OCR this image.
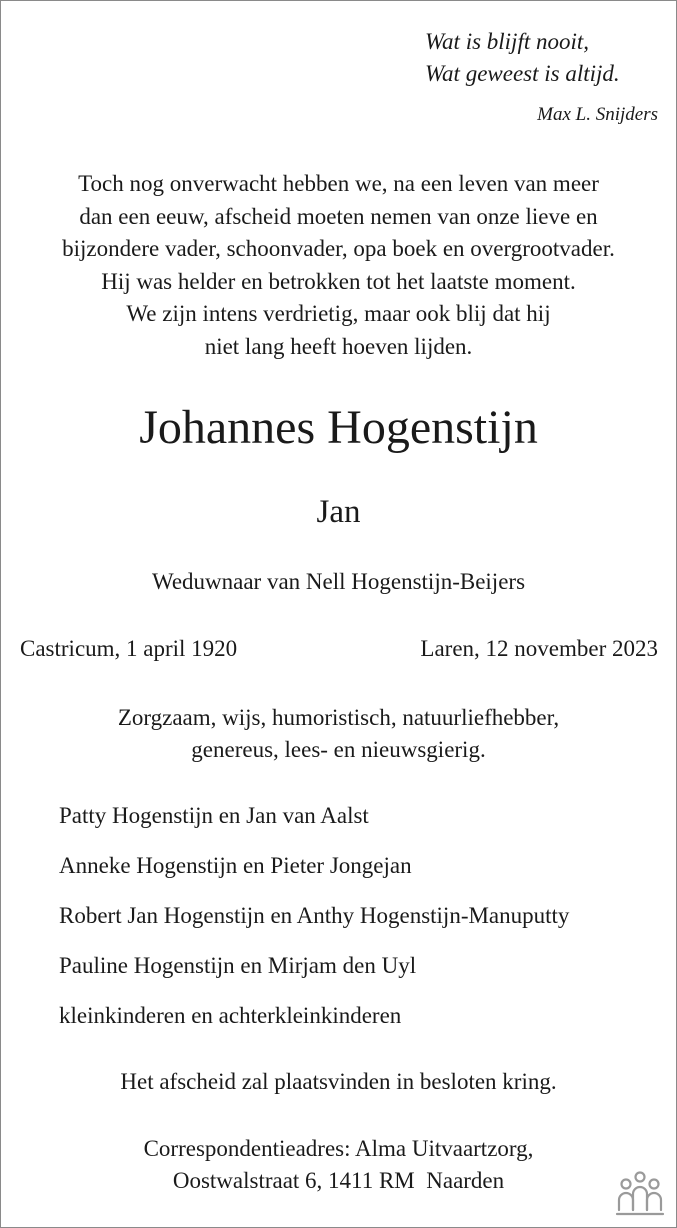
Wat is blijft nooit,
Wat geweest is altijd.
Max L. Snijders
Toch nog onverwacht hebben we, na een leven van meer
dan een eeuw, afscheid moeten nemen van onze lieve en
bijzondere vader, schoonvader, opa boek en overgrootvader.
Hij was helder en betrokken tot het laatste moment.
We zijn intens verdrietig, maar ook blij dat hij
niet lang heeft hoeven lijden.
Johannes Hogenstijn
Jan
Weduwnaar van Nell Hogenstijn-Beijers
Castricum, 1 april 1920	Laren, 12 november 2023
Zorgzaam, wijs, humoristisch, natuurliefhebber,
genereus, lees- en nieuwsgierig.
Patty Hogenstijn en Jan van Aalst
Anneke Hogenstijn en Pieter Jongejan
Robert Jan Hogenstijn en Anthy Hogenstijn-Manuputty
Pauline Hogenstijn en Mirjam den Uyl
kleinkinderen en achterkleinkinderen
Het afscheid zal plaatsvinden in besloten kring.
Correspondentieadres: Alma Uitvaartzorg,
Oostwalstraat 6, 1411 RM  Naarden
